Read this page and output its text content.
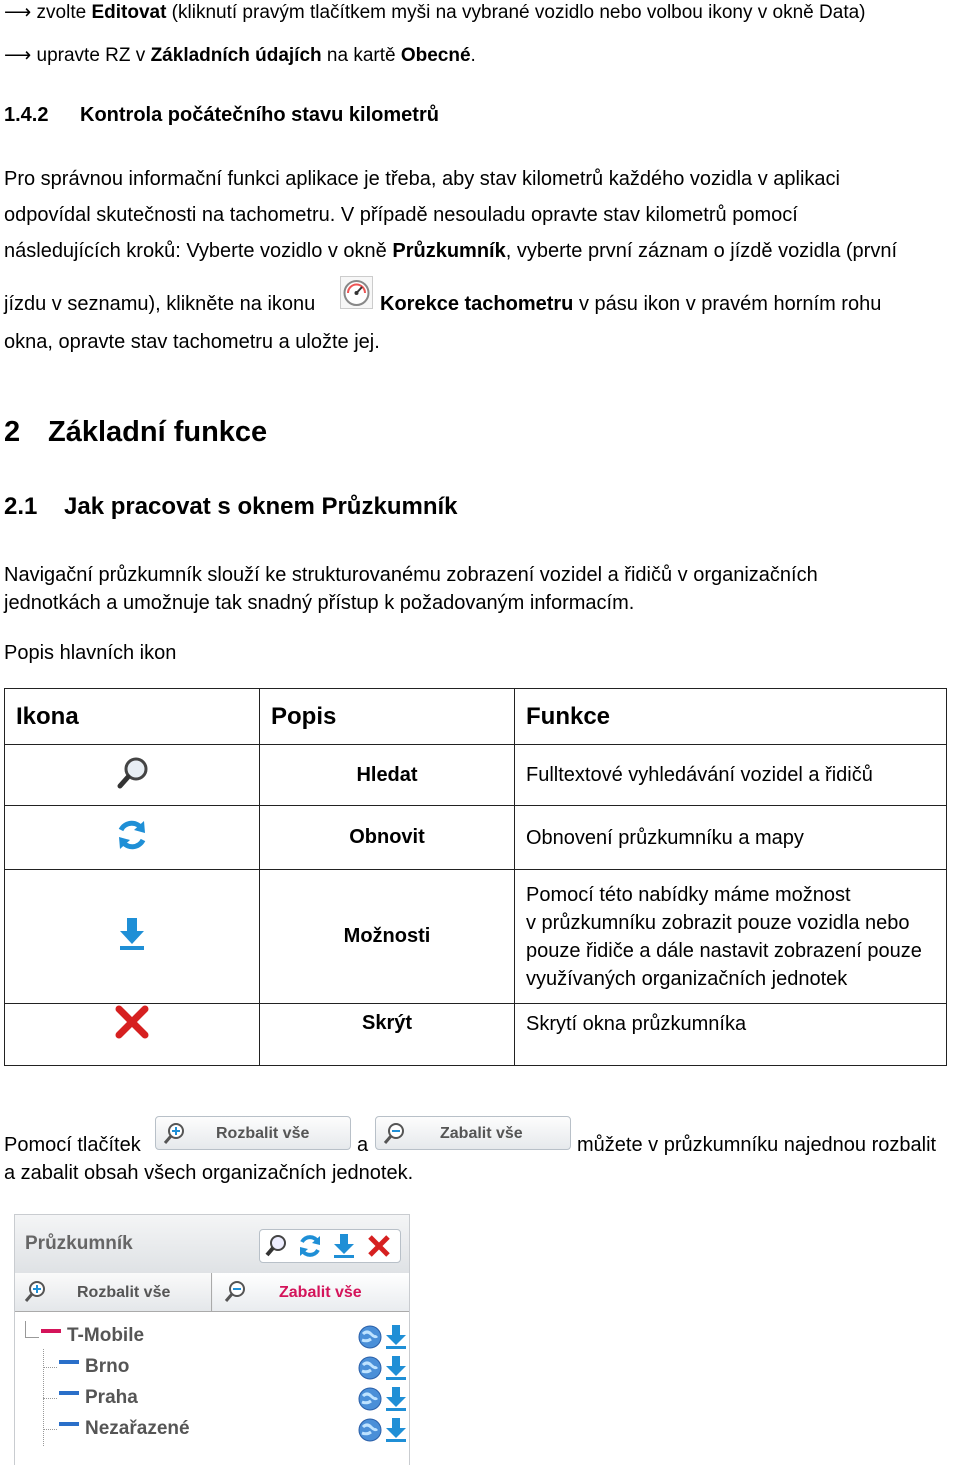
⟶ zvolte Editovat (kliknutí pravým tlačítkem myši na vybrané vozidlo nebo volbou ikony v okně Data)
⟶ upravte RZ v Základních údajích na kartě Obecné.
1.4.2 Kontrola počátečního stavu kilometrů
Pro správnou informační funkci aplikace je třeba, aby stav kilometrů každého vozidla v aplikaci
odpovídal skutečnosti na tachometru. V případě nesouladu opravte stav kilometrů pomocí
následujících kroků: Vyberte vozidlo v okně Průzkumník, vyberte první záznam o jízdě vozidla (první
jízdu v seznamu), klikněte na ikonu	Korekce tachometru v pásu ikon v pravém horním rohu
okna, opravte stav tachometru a uložte jej.
2 Základní funkce
2.1 Jak pracovat s oknem Průzkumník
Navigační průzkumník slouží ke strukturovanému zobrazení vozidel a řidičů v organizačních
jednotkách a umožnuje tak snadný přístup k požadovaným informacím.
Popis hlavních ikon
Ikona	Popis	Funkce
	Hledat	Fulltextové vyhledávání vozidel a řidičů
	Obnovit	Obnovení průzkumníku a mapy
	Možnosti	Pomocí této nabídky máme možnost
v průzkumníku zobrazit pouze vozidla nebo
pouze řidiče a dále nastavit zobrazení pouze
využívaných organizačních jednotek

	Skrýt	Skrytí okna průzkumníka
Pomocí tlačítek
Rozbalit vše
a
Zabalit vše
můžete v průzkumníku najednou rozbalit
a zabalit obsah všech organizačních jednotek.
Průzkumník
Rozbalit vše	Zabalit vše
T-Mobile
Brno
Praha
Nezařazené
